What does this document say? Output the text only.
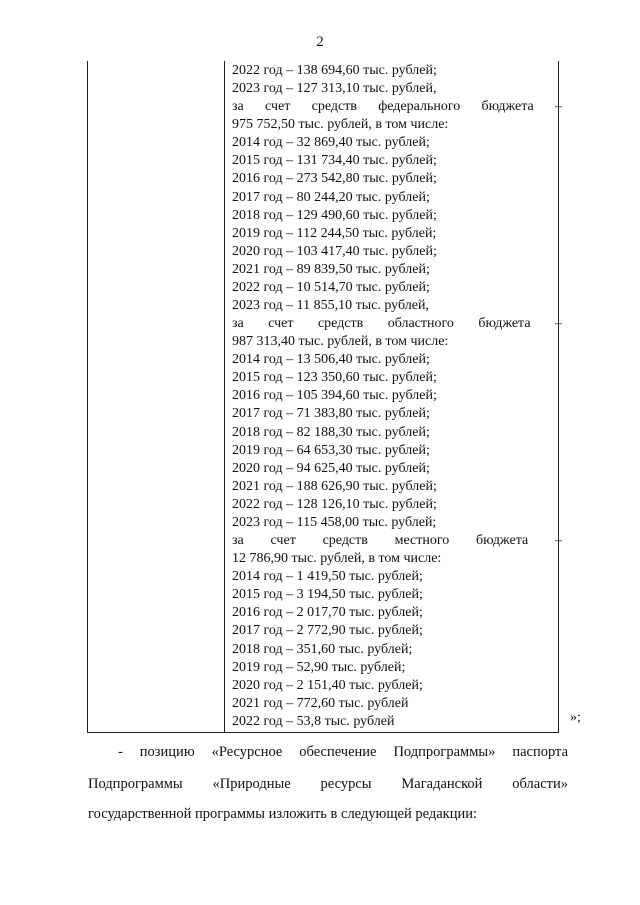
2
2022 год – 138 694,60 тыс. рублей;
2023 год – 127 313,10 тыс. рублей,
за счет средств федерального бюджета –
975 752,50 тыс. рублей, в том числе:
2014 год – 32 869,40 тыс. рублей;
2015 год – 131 734,40 тыс. рублей;
2016 год – 273 542,80 тыс. рублей;
2017 год – 80 244,20 тыс. рублей;
2018 год – 129 490,60 тыс. рублей;
2019 год – 112 244,50 тыс. рублей;
2020 год – 103 417,40 тыс. рублей;
2021 год – 89 839,50 тыс. рублей;
2022 год – 10 514,70 тыс. рублей;
2023 год – 11 855,10 тыс. рублей,
за счет средств областного бюджета –
987 313,40 тыс. рублей, в том числе:
2014 год – 13 506,40 тыс. рублей;
2015 год – 123 350,60 тыс. рублей;
2016 год – 105 394,60 тыс. рублей;
2017 год – 71 383,80 тыс. рублей;
2018 год – 82 188,30 тыс. рублей;
2019 год – 64 653,30 тыс. рублей;
2020 год – 94 625,40 тыс. рублей;
2021 год – 188 626,90 тыс. рублей;
2022 год – 128 126,10 тыс. рублей;
2023 год – 115 458,00 тыс. рублей;
за счет средств местного бюджета –
12 786,90 тыс. рублей, в том числе:
2014 год – 1 419,50 тыс. рублей;
2015 год – 3 194,50 тыс. рублей;
2016 год – 2 017,70 тыс. рублей;
2017 год – 2 772,90 тыс. рублей;
2018 год – 351,60 тыс. рублей;
2019 год – 52,90 тыс. рублей;
2020 год – 2 151,40 тыс. рублей;
2021 год – 772,60 тыс. рублей
2022 год – 53,8 тыс. рублей	»;
- позицию «Ресурсное обеспечение Подпрограммы» паспорта
Подпрограммы «Природные ресурсы Магаданской области»
государственной программы изложить в следующей редакции:
